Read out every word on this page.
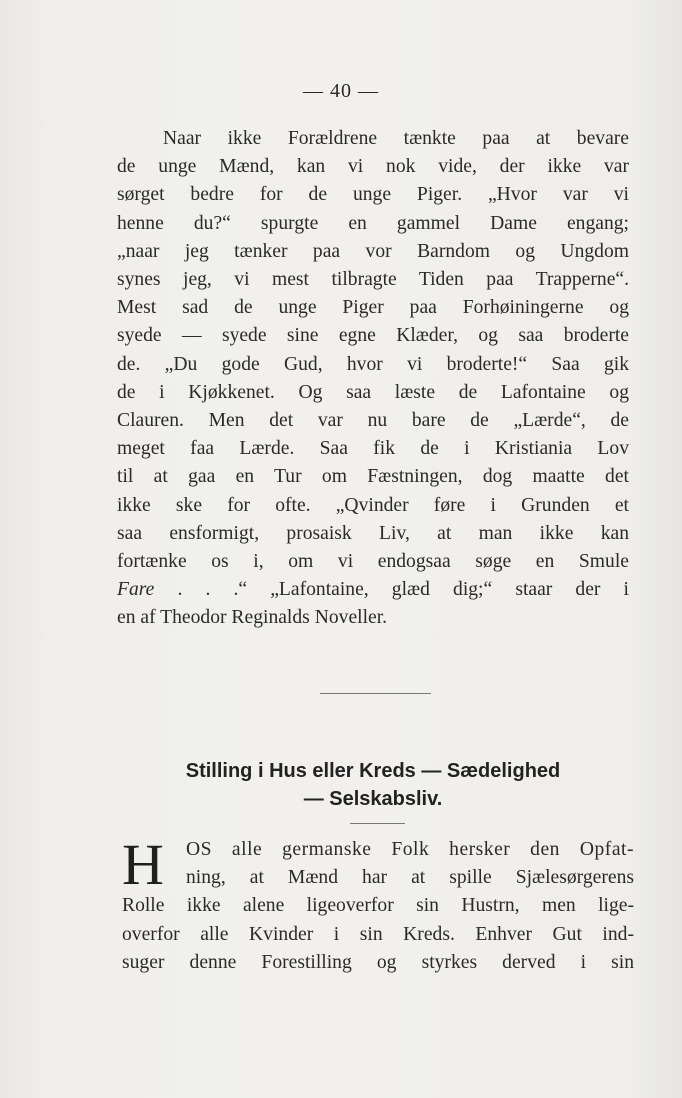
— 40 —
Naar ikke Forældrene tænkte paa at bevare
de unge Mænd, kan vi nok vide, der ikke var
sørget bedre for de unge Piger. „Hvor var vi
henne du?“ spurgte en gammel Dame engang;
„naar jeg tænker paa vor Barndom og Ungdom
synes jeg, vi mest tilbragte Tiden paa Trapperne“.
Mest sad de unge Piger paa Forhøiningerne og
syede — syede sine egne Klæder, og saa broderte
de. „Du gode Gud, hvor vi broderte!“ Saa gik
de i Kjøkkenet. Og saa læste de Lafontaine og
Clauren. Men det var nu bare de „Lærde“, de
meget faa Lærde. Saa fik de i Kristiania Lov
til at gaa en Tur om Fæstningen, dog maatte det
ikke ske for ofte. „Qvinder føre i Grunden et
saa ensformigt, prosaisk Liv, at man ikke kan
fortænke os i, om vi endogsaa søge en Smule
Fare . . .“ „Lafontaine, glæd dig;“ staar der i
en af Theodor Reginalds Noveller.
Stilling i Hus eller Kreds — Sædelighed
— Selskabsliv.
H	OS alle germanske Folk hersker den Opfat-
ning, at Mænd har at spille Sjælesørgerens
Rolle ikke alene ligeoverfor sin Hustrn, men lige-
overfor alle Kvinder i sin Kreds. Enhver Gut ind-
suger denne Forestilling og styrkes derved i sin
